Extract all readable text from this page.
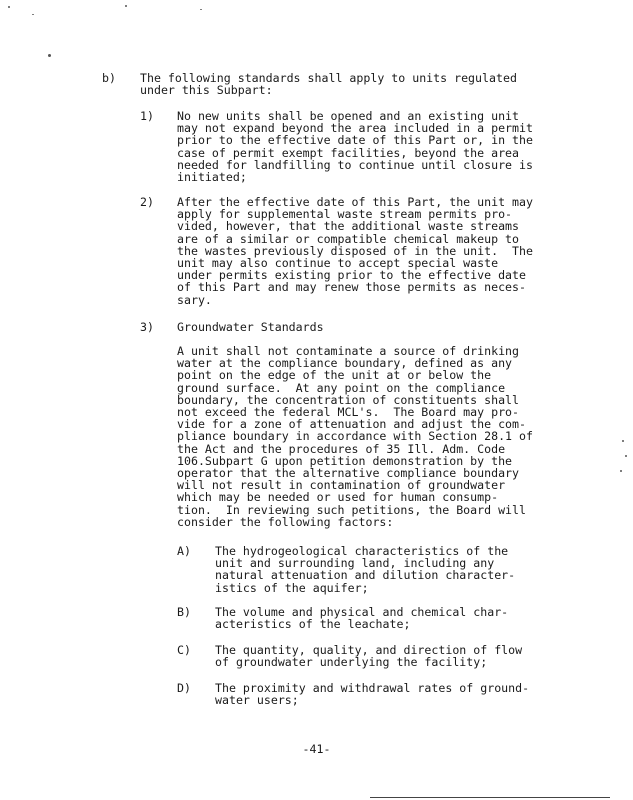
b) The following standards shall apply to units regulated
under this Subpart:
1) No new units shall be opened and an existing unit
may not expand beyond the area included in a permit
prior to the effective date of this Part or, in the
case of permit exempt facilities, beyond the area
needed for landfilling to continue until closure is
initiated;
2) After the effective date of this Part, the unit may
apply for supplemental waste stream permits pro-
vided, however, that the additional waste streams
are of a similar or compatible chemical makeup to
the wastes previously disposed of in the unit.  The
unit may also continue to accept special waste
under permits existing prior to the effective date
of this Part and may renew those permits as neces-
sary.
3) Groundwater Standards
A unit shall not contaminate a source of drinking
water at the compliance boundary, defined as any
point on the edge of the unit at or below the
ground surface.  At any point on the compliance
boundary, the concentration of constituents shall
not exceed the federal MCL's.  The Board may pro-
vide for a zone of attenuation and adjust the com-
pliance boundary in accordance with Section 28.1 of
the Act and the procedures of 35 Ill. Adm. Code
106.Subpart G upon petition demonstration by the
operator that the alternative compliance boundary
will not result in contamination of groundwater
which may be needed or used for human consump-
tion.  In reviewing such petitions, the Board will
consider the following factors:
A) The hydrogeological characteristics of the
unit and surrounding land, including any
natural attenuation and dilution character-
istics of the aquifer;
B) The volume and physical and chemical char-
acteristics of the leachate;
C) The quantity, quality, and direction of flow
of groundwater underlying the facility;
D) The proximity and withdrawal rates of ground-
water users;
-41-
